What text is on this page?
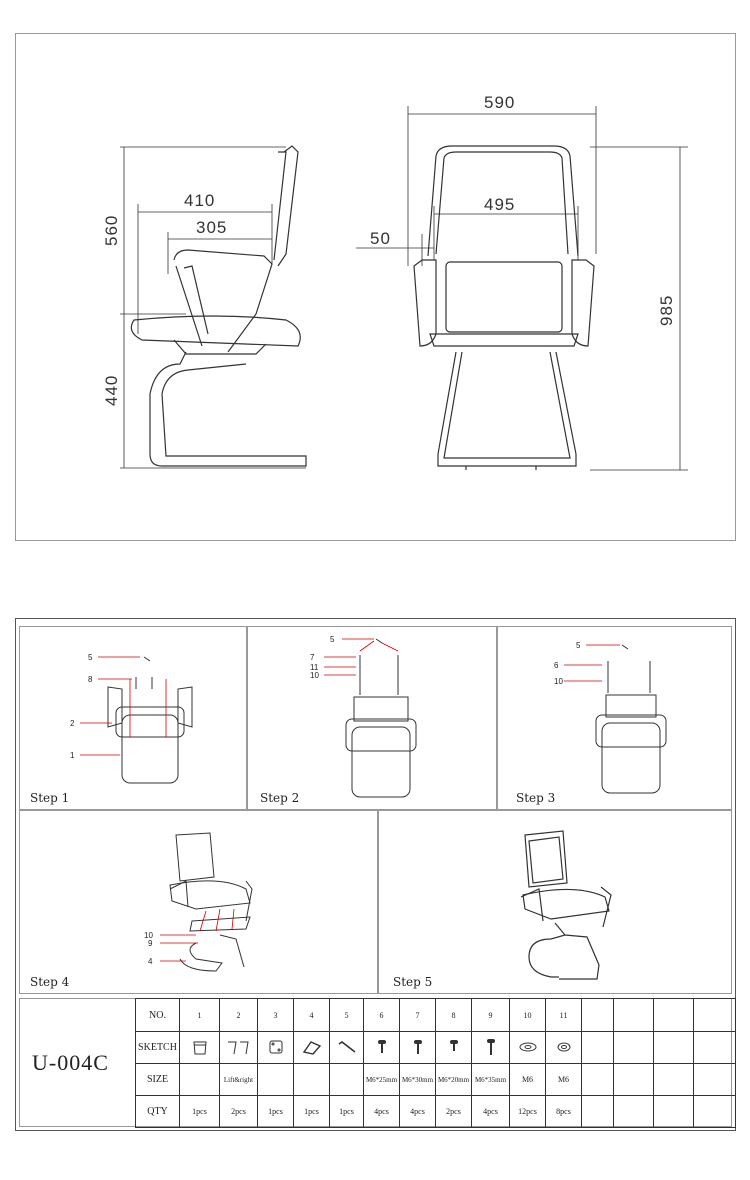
560
410
305
440
590
495
50
985
5
8
2
1
Step 1
5
7
11
10
Step 2
5
6
10
Step 3
10
9
4
Step 4	Step 5
U-004C
NO.	1	2	3	4	5	6	7	8	9	10	11				
SKETCH															
SIZE		Lift&right				M6*25mm	M6*30mm	M6*20mm	M6*35mm	M6	M6				
QTY	1pcs	2pcs	1pcs	1pcs	1pcs	4pcs	4pcs	2pcs	4pcs	12pcs	8pcs				
